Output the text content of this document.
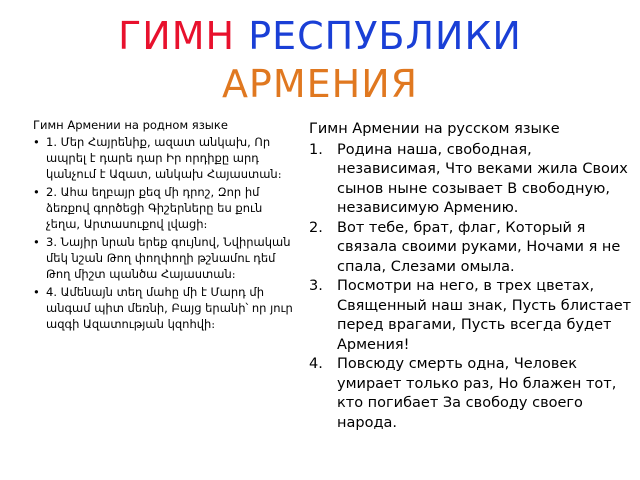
ГИМН РЕСПУБЛИКИ
АРМЕНИЯ
Гимн Армении на родном языке
• 1. Մեր Հայրենիք, ազատ անկախ, Որ ապրել է դարե դար Իր որդիքը արդ կանչում է Ազատ, անկախ Հայաստան։
• 2. Ահա եղբայր քեզ մի դրոշ, Զոր իմ ձեռքով գործեցի Գիշերները ես քուն չեղա, Արտասուքով լվացի։
• 3. Նայիր նրան երեք գույնով, Նվիրական մեկ նշան Թող փողփողի թշնամու դեմ Թող միշտ պանծա Հայաստան։
• 4. Ամենայն տեղ մահը մի է Մարդ մի անգամ պիտ մեռնի, Բայց երանի՝ որ յուր ազգի Ազատության կզոհվի։
Гимн Армении на русском языке
1. Родина наша, свободная, независимая, Что веками жила Своих сынов ныне созывает В свободную, независимую Армению.
2. Вот тебе, брат, флаг, Который я связала своими руками, Ночами я не спала, Слезами омыла.
3. Посмотри на него, в трех цветах, Священный наш знак, Пусть блистает перед врагами, Пусть всегда будет Армения!
4. Повсюду смерть одна, Человек умирает только раз, Но блажен тот, кто погибает За свободу своего народа.
